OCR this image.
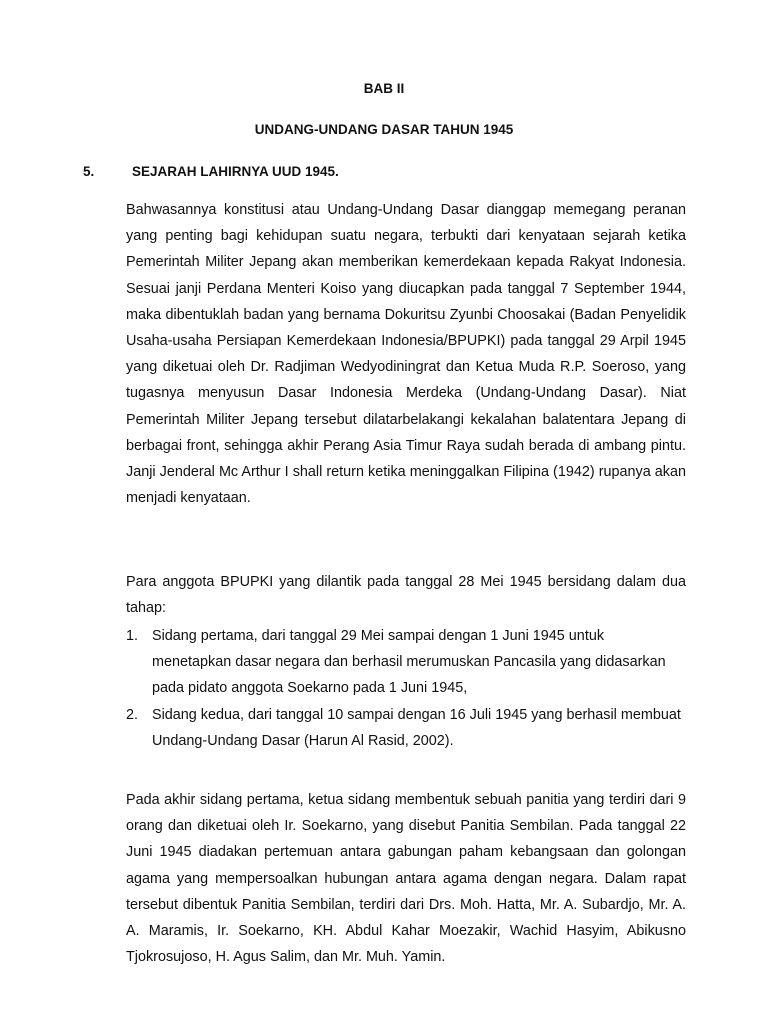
BAB II
UNDANG-UNDANG DASAR TAHUN 1945
5.	SEJARAH LAHIRNYA UUD 1945.

Bahwasannya konstitusi atau Undang-Undang Dasar dianggap memegang peranan yang penting bagi kehidupan suatu negara, terbukti dari kenyataan sejarah ketika Pemerintah Militer Jepang akan memberikan kemerdekaan kepada Rakyat Indonesia. Sesuai janji Perdana Menteri Koiso yang diucapkan pada tanggal 7 September 1944, maka dibentuklah badan yang bernama Dokuritsu Zyunbi Choosakai (Badan Penyelidik Usaha-usaha Persiapan Kemerdekaan Indonesia/BPUPKI) pada tanggal 29 Arpil 1945 yang diketuai oleh Dr. Radjiman Wedyodiningrat dan Ketua Muda R.P. Soeroso, yang tugasnya menyusun Dasar Indonesia Merdeka (Undang-Undang Dasar). Niat Pemerintah Militer Jepang tersebut dilatarbelakangi kekalahan balatentara Jepang di berbagai front, sehingga akhir Perang Asia Timur Raya sudah berada di ambang pintu. Janji Jenderal Mc Arthur I shall return ketika meninggalkan Filipina (1942) rupanya akan menjadi kenyataan.

Para anggota BPUPKI yang dilantik pada tanggal 28 Mei 1945 bersidang dalam dua tahap:

1. Sidang pertama, dari tanggal 29 Mei sampai dengan 1 Juni 1945 untuk menetapkan dasar negara dan berhasil merumuskan Pancasila yang didasarkan pada pidato anggota Soekarno pada 1 Juni 1945,
2. Sidang kedua, dari tanggal 10 sampai dengan 16 Juli 1945 yang berhasil membuat Undang-Undang Dasar (Harun Al Rasid, 2002).

Pada akhir sidang pertama, ketua sidang membentuk sebuah panitia yang terdiri dari 9 orang dan diketuai oleh Ir. Soekarno, yang disebut Panitia Sembilan. Pada tanggal 22 Juni 1945 diadakan pertemuan antara gabungan paham kebangsaan dan golongan agama yang mempersoalkan hubungan antara agama dengan negara. Dalam rapat tersebut dibentuk Panitia Sembilan, terdiri dari Drs. Moh. Hatta, Mr. A. Subardjo, Mr. A. A. Maramis, Ir. Soekarno, KH. Abdul Kahar Moezakir, Wachid Hasyim, Abikusno Tjokrosujoso, H. Agus Salim, dan Mr. Muh. Yamin.
